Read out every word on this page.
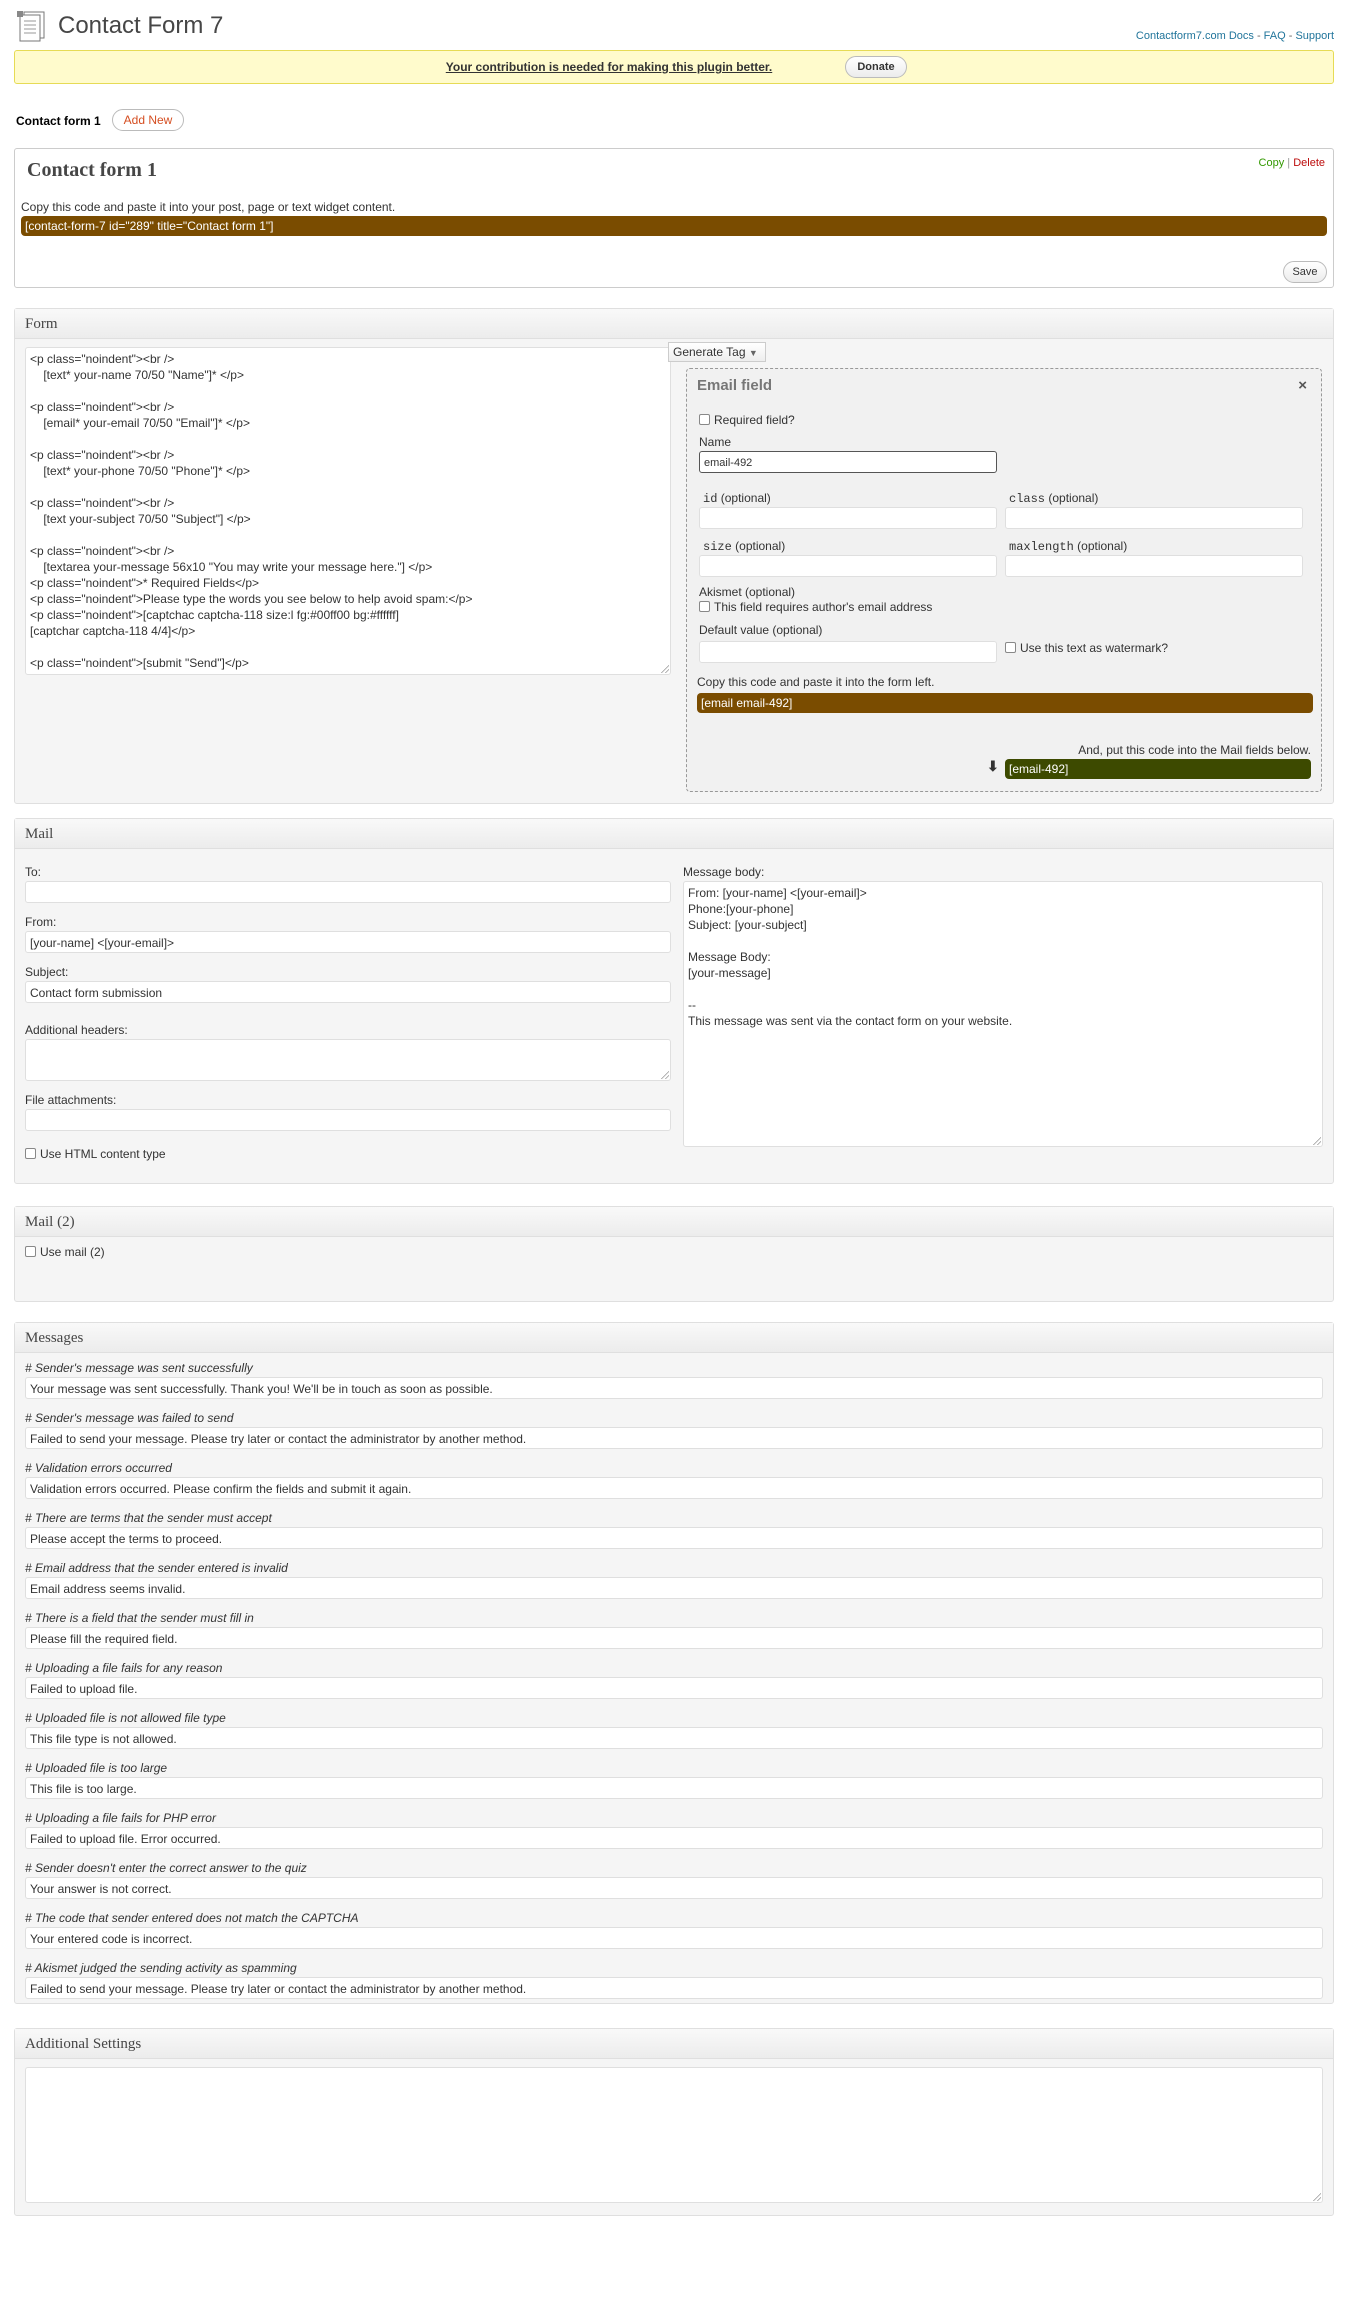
Contact Form 7	Contactform7.com Docs - FAQ - Support
Your contribution is needed for making this plugin better.	Donate
Contact form 1	Add New
Contact form 1	Copy | Delete
Copy this code and paste it into your post, page or text widget content.
[contact-form-7 id="289" title="Contact form 1"]
Save
Form
<p class="noindent"><br />
[text* your-name 70/50 "Name"]* </p>

<p class="noindent"><br />
[email* your-email 70/50 "Email"]* </p>

<p class="noindent"><br />
[text* your-phone 70/50 "Phone"]* </p>

<p class="noindent"><br />
[text your-subject 70/50 "Subject"] </p>

<p class="noindent"><br />
[textarea your-message 56x10 "You may write your message here."] </p>
<p class="noindent">* Required Fields</p>
<p class="noindent">Please type the words you see below to help avoid spam:</p>
<p class="noindent">[captchac captcha-118 size:l fg:#00ff00 bg:#ffffff]
[captchar captcha-118 4/4]</p>

<p class="noindent">[submit "Send"]</p>
Generate Tag ▼
Email field	×
Required field?
Name
email-492
id (optional)	class (optional)
size (optional)	maxlength (optional)
Akismet (optional)
This field requires author's email address
Default value (optional)
Use this text as watermark?
Copy this code and paste it into the form left.
[email email-492]
And, put this code into the Mail fields below.
⬇ [email-492]
Mail
To:
From:
[your-name] <[your-email]>
Subject:
Contact form submission
Additional headers:
File attachments:
Use HTML content type
Message body:
From: [your-name] <[your-email]>
Phone:[your-phone]
Subject: [your-subject]

Message Body:
[your-message]

--
This message was sent via the contact form on your website.
Mail (2)
Use mail (2)
Messages
# Sender's message was sent successfully
Your message was sent successfully. Thank you! We'll be in touch as soon as possible.
# Sender's message was failed to send
Failed to send your message. Please try later or contact the administrator by another method.
# Validation errors occurred
Validation errors occurred. Please confirm the fields and submit it again.
# There are terms that the sender must accept
Please accept the terms to proceed.
# Email address that the sender entered is invalid
Email address seems invalid.
# There is a field that the sender must fill in
Please fill the required field.
# Uploading a file fails for any reason
Failed to upload file.
# Uploaded file is not allowed file type
This file type is not allowed.
# Uploaded file is too large
This file is too large.
# Uploading a file fails for PHP error
Failed to upload file. Error occurred.
# Sender doesn't enter the correct answer to the quiz
Your answer is not correct.
# The code that sender entered does not match the CAPTCHA
Your entered code is incorrect.
# Akismet judged the sending activity as spamming
Failed to send your message. Please try later or contact the administrator by another method.
Additional Settings
